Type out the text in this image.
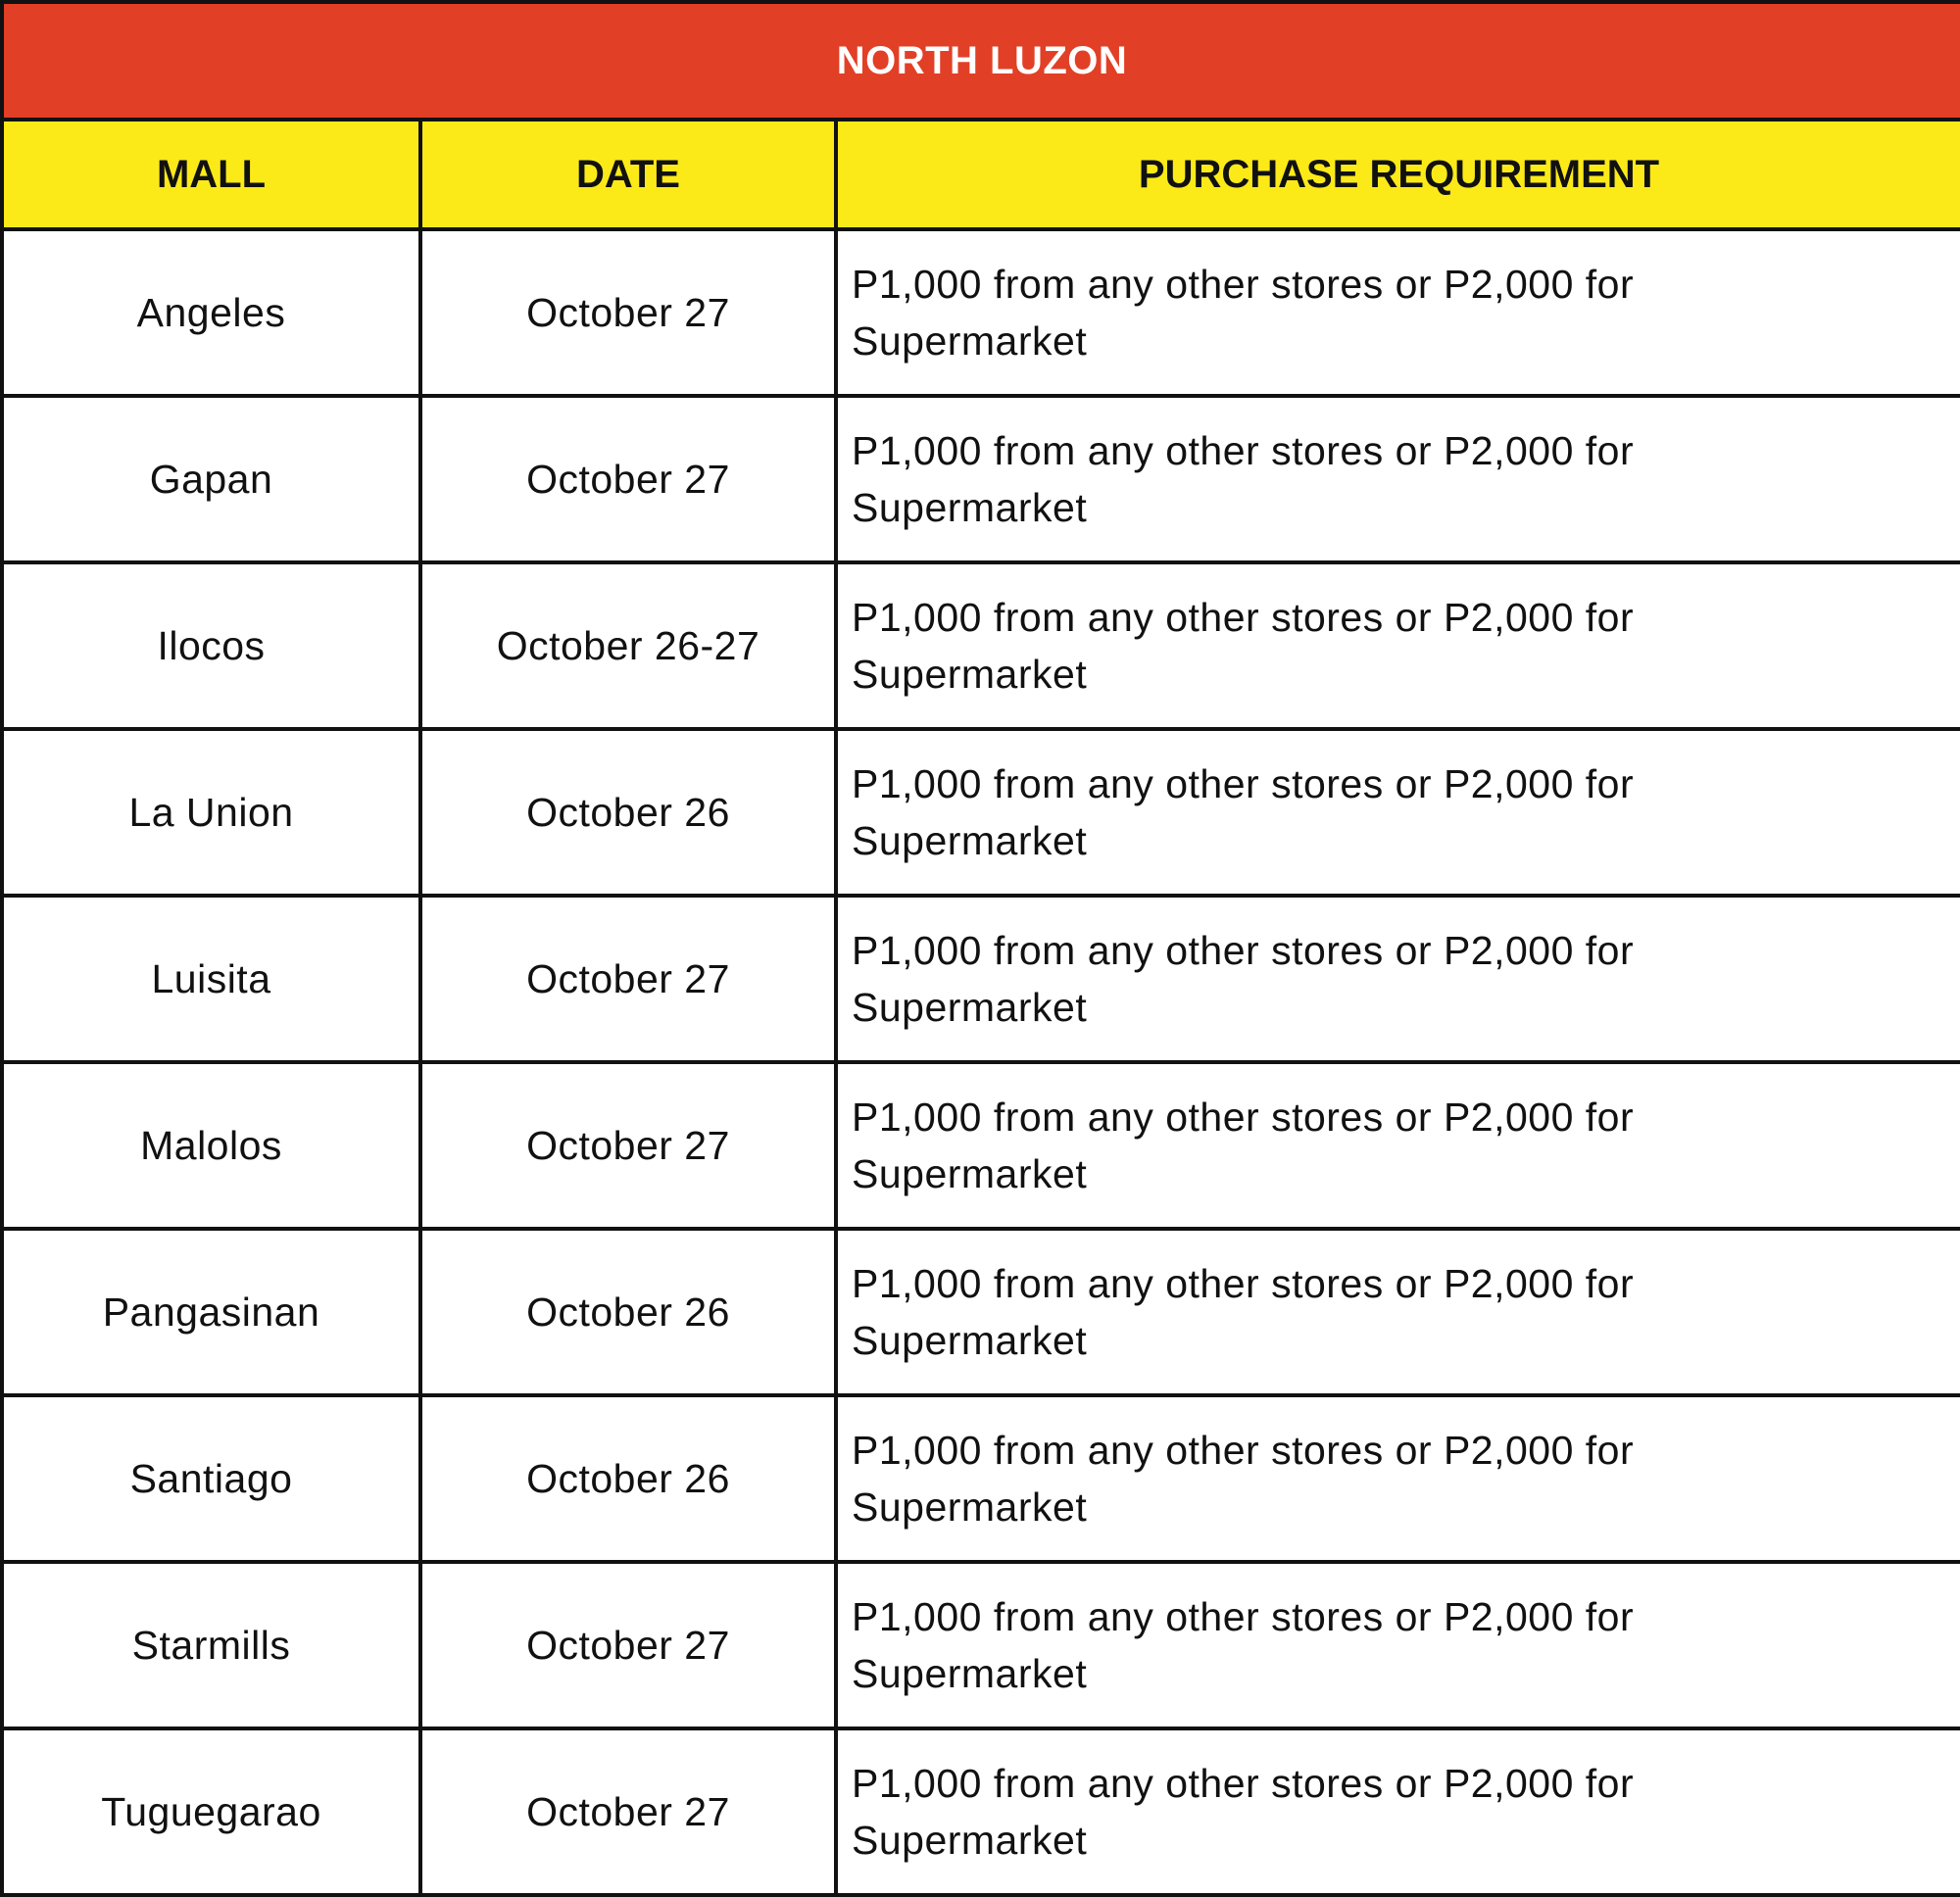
NORTH LUZON		
MALL	DATE	PURCHASE REQUIREMENT
Angeles	October 27	P1,000 from any other stores or P2,000 for Supermarket
Gapan	October 27	P1,000 from any other stores or P2,000 for Supermarket
Ilocos	October 26-27	P1,000 from any other stores or P2,000 for Supermarket
La Union	October 26	P1,000 from any other stores or P2,000 for Supermarket
Luisita	October 27	P1,000 from any other stores or P2,000 for Supermarket
Malolos	October 27	P1,000 from any other stores or P2,000 for Supermarket
Pangasinan	October 26	P1,000 from any other stores or P2,000 for Supermarket
Santiago	October 26	P1,000 from any other stores or P2,000 for Supermarket
Starmills	October 27	P1,000 from any other stores or P2,000 for Supermarket
Tuguegarao	October 27	P1,000 from any other stores or P2,000 for Supermarket
